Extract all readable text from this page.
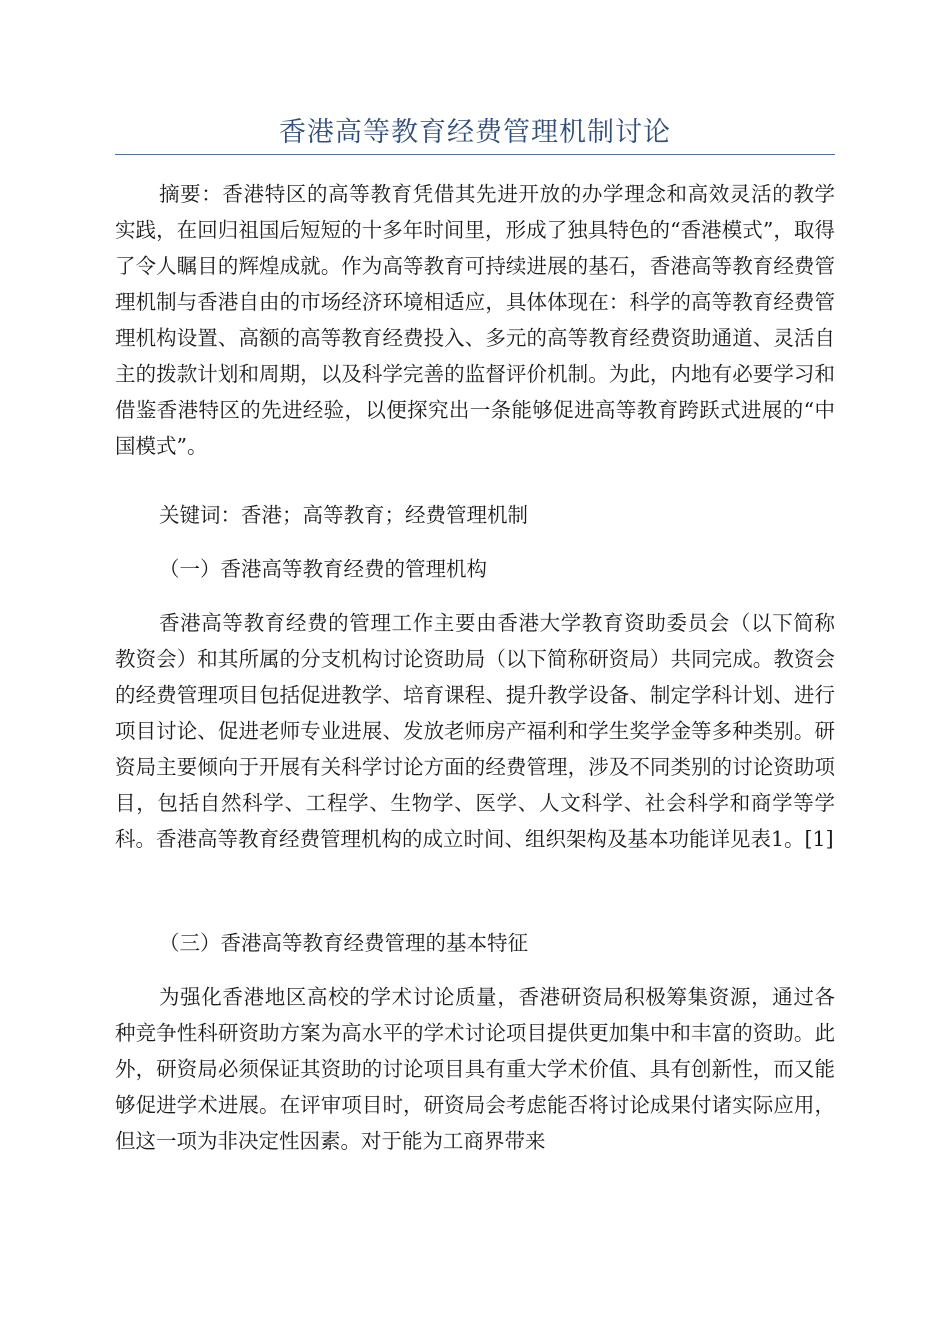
香港高等教育经费管理机制讨论

摘要：香港特区的高等教育凭借其先进开放的办学理念和高效灵活的教学实践，在回归祖国后短短的十多年时间里，形成了独具特色的“香港模式”，取得了令人瞩目的辉煌成就。作为高等教育可持续进展的基石，香港高等教育经费管理机制与香港自由的市场经济环境相适应，具体体现在：科学的高等教育经费管理机构设置、高额的高等教育经费投入、多元的高等教育经费资助通道、灵活自主的拨款计划和周期，以及科学完善的监督评价机制。为此，内地有必要学习和借鉴香港特区的先进经验，以便探究出一条能够促进高等教育跨跃式进展的“中国模式”。

关键词：香港；高等教育；经费管理机制

（一）香港高等教育经费的管理机构

香港高等教育经费的管理工作主要由香港大学教育资助委员会（以下简称教资会）和其所属的分支机构讨论资助局（以下简称研资局）共同完成。教资会的经费管理项目包括促进教学、培育课程、提升教学设备、制定学科计划、进行项目讨论、促进老师专业进展、发放老师房产福利和学生奖学金等多种类别。研资局主要倾向于开展有关科学讨论方面的经费管理，涉及不同类别的讨论资助项目，包括自然科学、工程学、生物学、医学、人文科学、社会科学和商学等学科。香港高等教育经费管理机构的成立时间、组织架构及基本功能详见表1。[1]

（三）香港高等教育经费管理的基本特征

为强化香港地区高校的学术讨论质量，香港研资局积极筹集资源，通过各种竞争性科研资助方案为高水平的学术讨论项目提供更加集中和丰富的资助。此外，研资局必须保证其资助的讨论项目具有重大学术价值、具有创新性，而又能够促进学术进展。在评审项目时，研资局会考虑能否将讨论成果付诸实际应用，但这一项为非决定性因素。对于能为工商界带来
